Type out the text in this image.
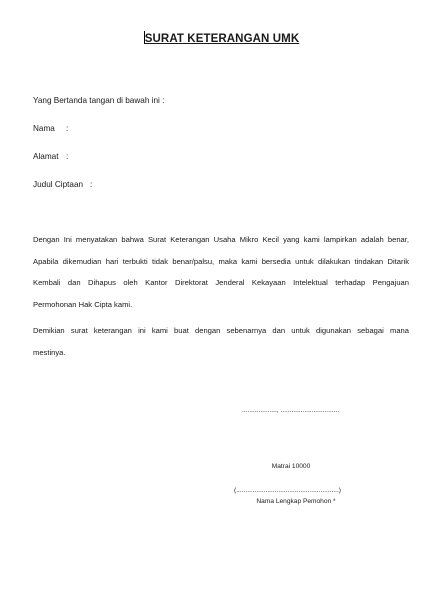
SURAT KETERANGAN UMK
Yang Bertanda tangan di bawah ini :
Nama :
Alamat :
Judul Ciptaan :
Dengan Ini menyatakan bahwa Surat Keterangan Usaha Mikro Kecil yang kami lampirkan adalah benar,
Apabila dikemudian hari terbukti tidak benar/palsu, maka kami bersedia untuk dilakukan tindakan Ditarik
Kembali dan Dihapus oleh Kantor Direktorat Jenderal Kekayaan Intelektual terhadap Pengajuan
Permohonan Hak Cipta kami.
Demikian surat keterangan ini kami buat dengan sebenarnya dan untuk digunakan sebagai mana
mestinya.
..................., ................................
Matrai 10000
(........................................................)
Nama Lengkap Pemohon *
